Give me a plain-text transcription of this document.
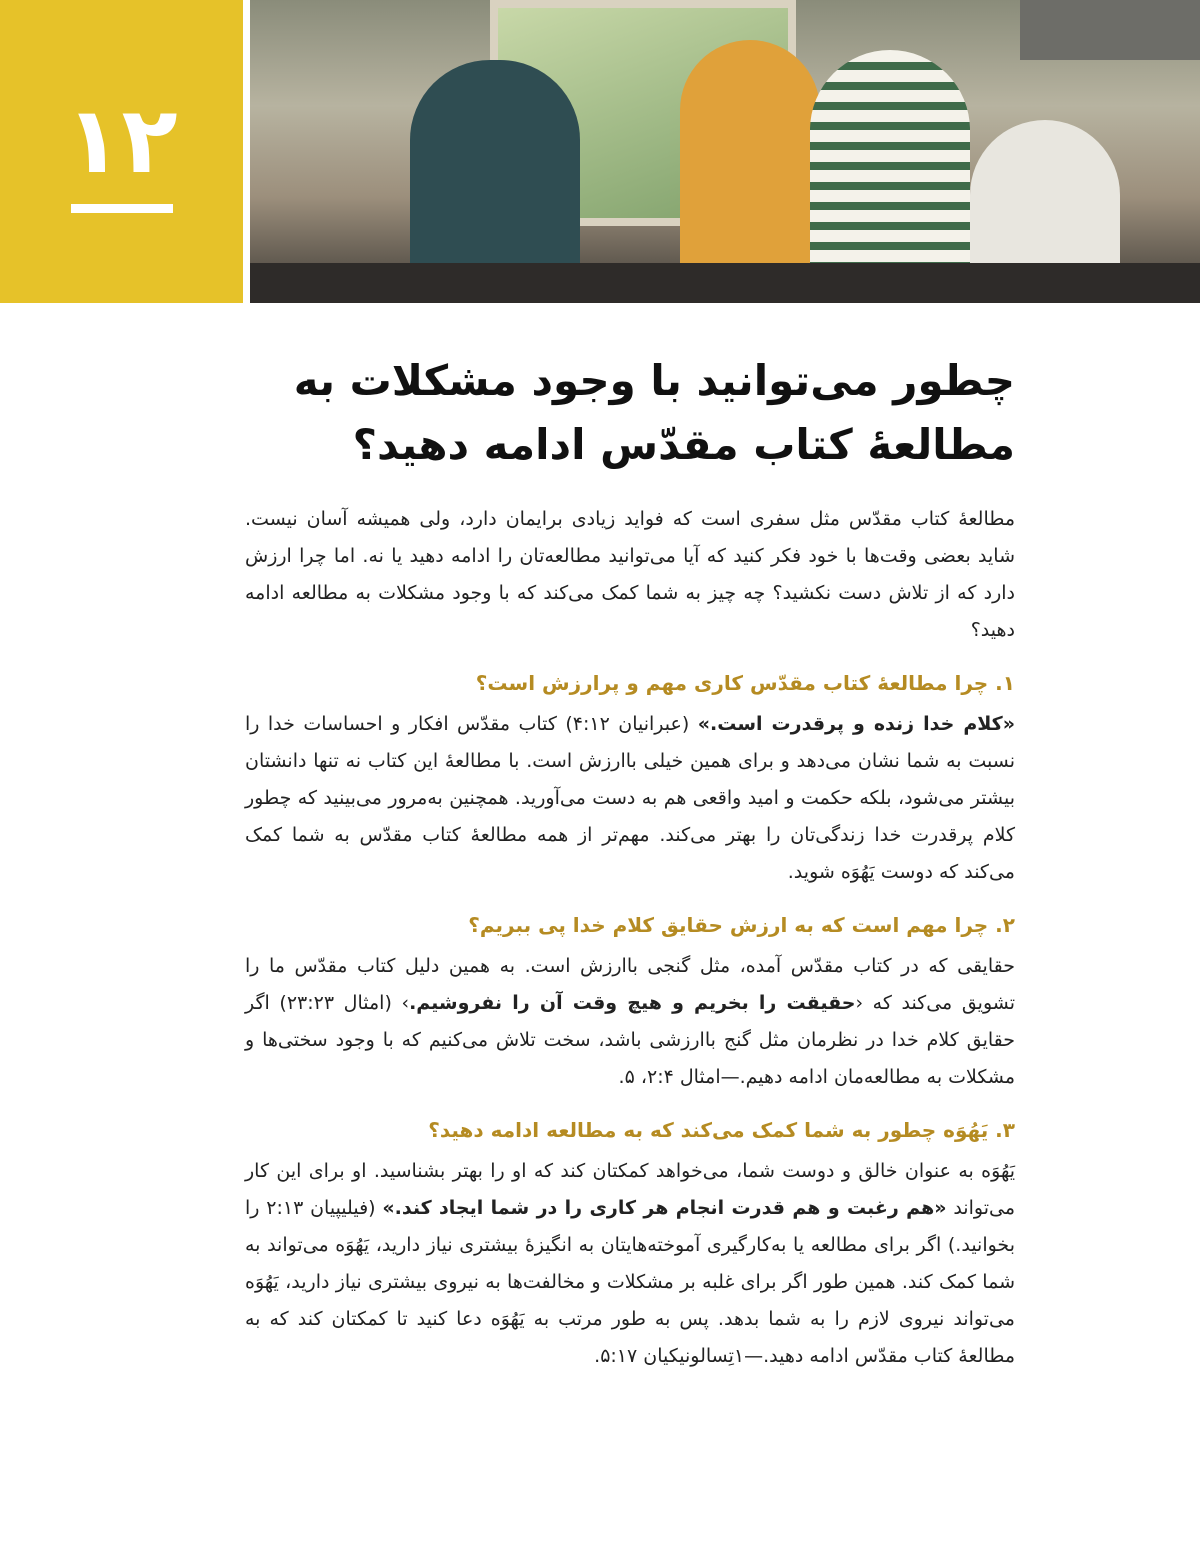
۱۲
چطور می‌توانید با وجود مشکلات به مطالعهٔ کتاب مقدّس ادامه دهید؟

مطالعهٔ کتاب مقدّس مثل سفری است که فواید زیادی برایمان دارد، ولی همیشه آسان نیست. شاید بعضی وقت‌ها با خود فکر کنید که آیا می‌توانید مطالعه‌تان را ادامه دهید یا نه. اما چرا ارزش دارد که از تلاش دست نکشید؟ چه چیز به شما کمک می‌کند که با وجود مشکلات به مطالعه ادامه دهید؟

۱. چرا مطالعهٔ کتاب مقدّس کاری مهم و پرارزش است؟

«کلام خدا زنده و پرقدرت است.» (عبرانیان ۴:۱۲) کتاب مقدّس افکار و احساسات خدا را نسبت به شما نشان می‌دهد و برای همین خیلی باارزش است. با مطالعهٔ این کتاب نه تنها دانشتان بیشتر می‌شود، بلکه حکمت و امید واقعی هم به دست می‌آورید. همچنین به‌مرور می‌بینید که چطور کلام پرقدرت خدا زندگی‌تان را بهتر می‌کند. مهم‌تر از همه مطالعهٔ کتاب مقدّس به شما کمک می‌کند که دوست یَهُوَه شوید.

۲. چرا مهم است که به ارزش حقایق کلام خدا پی ببریم؟

حقایقی که در کتاب مقدّس آمده، مثل گنجی باارزش است. به همین دلیل کتاب مقدّس ما را تشویق می‌کند که ‹حقیقت را بخریم و هیچ وقت آن را نفروشیم.› (امثال ۲۳:۲۳) اگر حقایق کلام خدا در نظرمان مثل گنج باارزشی باشد، سخت تلاش می‌کنیم که با وجود سختی‌ها و مشکلات به مطالعه‌مان ادامه دهیم.—امثال ۲:۴، ۵.

۳. یَهُوَه چطور به شما کمک می‌کند که به مطالعه ادامه دهید؟

یَهُوَه به عنوان خالق و دوست شما، می‌خواهد کمکتان کند که او را بهتر بشناسید. او برای این کار می‌تواند «هم رغبت و هم قدرت انجام هر کاری را در شما ایجاد کند.» (فیلیپیان ۲:۱۳ را بخوانید.) اگر برای مطالعه یا به‌کارگیری آموخته‌هایتان به انگیزهٔ بیشتری نیاز دارید، یَهُوَه می‌تواند به شما کمک کند. همین طور اگر برای غلبه بر مشکلات و مخالفت‌ها به نیروی بیشتری نیاز دارید، یَهُوَه می‌تواند نیروی لازم را به شما بدهد. پس به طور مرتب به یَهُوَه دعا کنید تا کمکتان کند که به مطالعهٔ کتاب مقدّس ادامه دهید.—۱تِسالونیکیان ۵:۱۷.
